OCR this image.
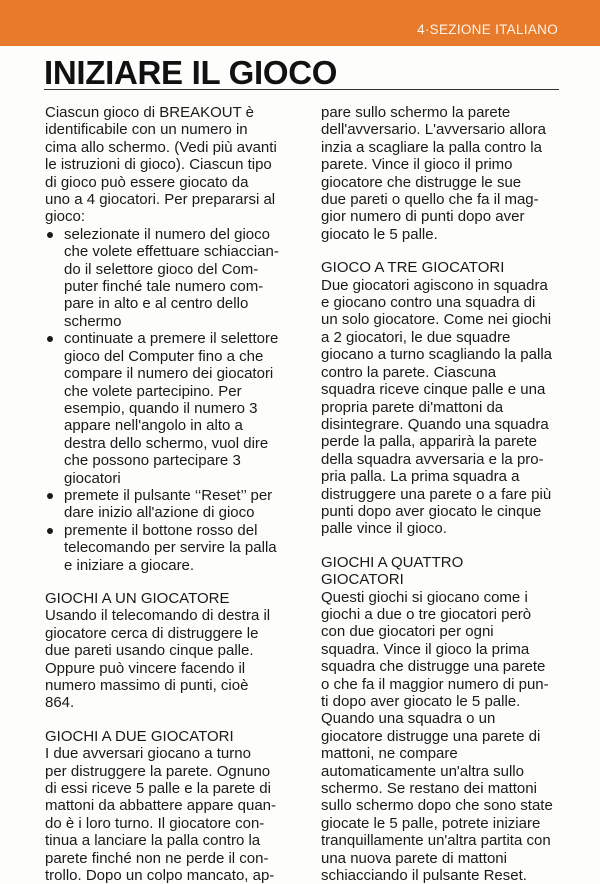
4·SEZIONE ITALIANO
INIZIARE IL GIOCO

Ciascun gioco di BREAKOUT è
identificabile con un numero in
cima allo schermo. (Vedi più avanti
le istruzioni di gioco). Ciascun tipo
di gioco può essere giocato da
uno a 4 giocatori. Per prepararsi al
gioco:

selezionate il numero del gioco
che volete effettuare schiaccian-
do il selettore gioco del Com-
puter finché tale numero com-
pare in alto e al centro dello
schermo
continuate a premere il selettore
gioco del Computer fino a che
compare il numero dei giocatori
che volete partecipino. Per
esempio, quando il numero 3
appare nell'angolo in alto a
destra dello schermo, vuol dire
che possono partecipare 3
giocatori
premete il pulsante ‘‘Reset’’ per
dare inizio all'azione di gioco
premente il bottone rosso del
telecomando per servire la palla
e iniziare a giocare.
GIOCHI A UN GIOCATORE

Usando il telecomando di destra il
giocatore cerca di distruggere le
due pareti usando cinque palle.
Oppure può vincere facendo il
numero massimo di punti, cioè
864.

GIOCHI A DUE GIOCATORI

I due avversari giocano a turno
per distruggere la parete. Ognuno
di essi riceve 5 palle e la parete di
mattoni da abbattere appare quan-
do è i loro turno. Il giocatore con-
tinua a lanciare la palla contro la
parete finché non ne perde il con-
trollo. Dopo un colpo mancato, ap-

pare sullo schermo la parete
dell'avversario. L'avversario allora
inzia a scagliare la palla contro la
parete. Vince il gioco il primo
giocatore che distrugge le sue
due pareti o quello che fa il mag-
gior numero di punti dopo aver
giocato le 5 palle.

GIOCO A TRE GIOCATORI

Due giocatori agiscono in squadra
e giocano contro una squadra di
un solo giocatore. Come nei giochi
a 2 giocatori, le due squadre
giocano a turno scagliando la palla
contro la parete. Ciascuna
squadra riceve cinque palle e una
propria parete di'mattoni da
disintegrare. Quando una squadra
perde la palla, apparirà la parete
della squadra avversaria e la pro-
pria palla. La prima squadra a
distruggere una parete o a fare più
punti dopo aver giocato le cinque
palle vince il gioco.

GIOCHI A QUATTRO
GIOCATORI

Questi giochi si giocano come i
giochi a due o tre giocatori però
con due giocatori per ogni
squadra. Vince il gioco la prima
squadra che distrugge una parete
o che fa il maggior numero di pun-
ti dopo aver giocato le 5 palle.
Quando una squadra o un
giocatore distrugge una parete di
mattoni, ne compare
automaticamente un'altra sullo
schermo. Se restano dei mattoni
sullo schermo dopo che sono state
giocate le 5 palle, potrete iniziare
tranquillamente un'altra partita con
una nuova parete di mattoni
schiacciando il pulsante Reset.
